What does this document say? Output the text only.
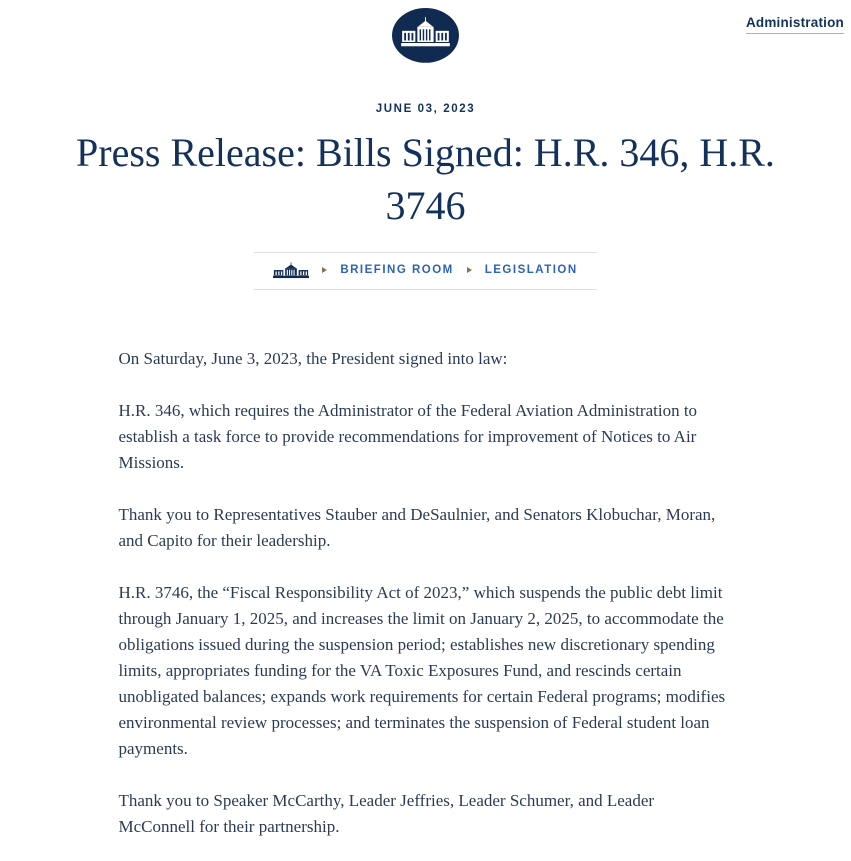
Administration
JUNE 03, 2023
Press Release: Bills Signed: H.R. 346, H.R. 3746
BRIEFING ROOM	LEGISLATION

On Saturday, June 3, 2023, the President signed into law:

H.R. 346, which requires the Administrator of the Federal Aviation Administration to establish a task force to provide recommendations for improvement of Notices to Air Missions.

Thank you to Representatives Stauber and DeSaulnier, and Senators Klobuchar, Moran, and Capito for their leadership.

H.R. 3746, the “Fiscal Responsibility Act of 2023,” which suspends the public debt limit through January 1, 2025, and increases the limit on January 2, 2025, to accommodate the obligations issued during the suspension period; establishes new discretionary spending limits, appropriates funding for the VA Toxic Exposures Fund, and rescinds certain unobligated balances; expands work requirements for certain Federal programs; modifies environmental review processes; and terminates the suspension of Federal student loan payments.

Thank you to Speaker McCarthy, Leader Jeffries, Leader Schumer, and Leader McConnell for their partnership.
